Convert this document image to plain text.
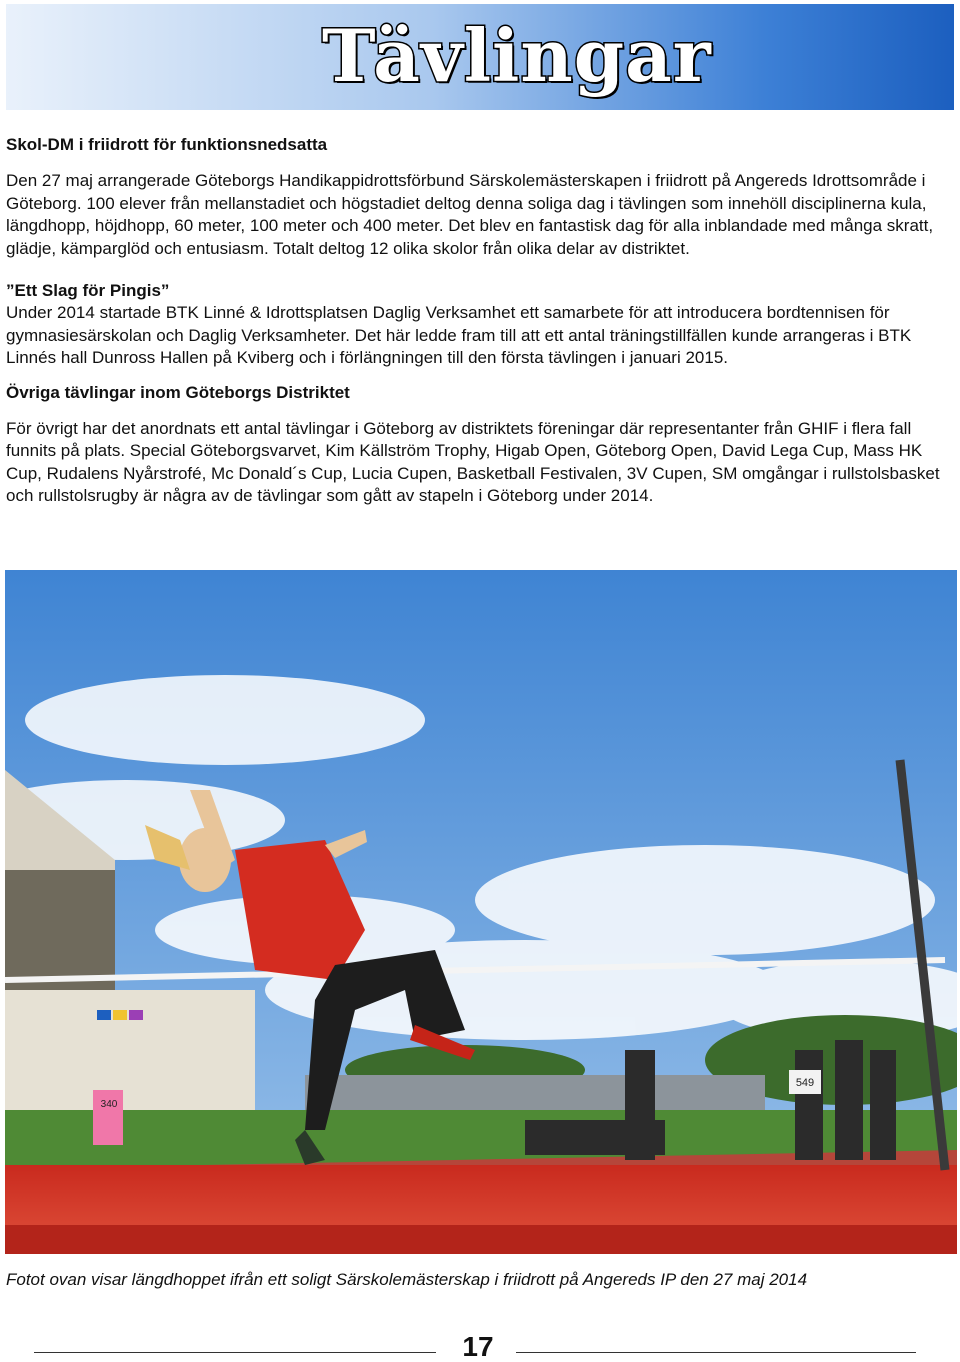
Tävlingar

Skol-DM i friidrott för funktionsnedsatta

Den 27 maj arrangerade Göteborgs Handikappidrottsförbund Särskolemästerskapen i friidrott på Angereds Idrottsområde i Göteborg. 100 elever från mellanstadiet och högstadiet deltog denna soliga dag i tävlingen som innehöll disciplinerna kula, längdhopp, höjdhopp, 60 meter, 100 meter och 400 meter. Det blev en fantastisk dag för alla inblandade med många skratt, glädje, kämparglöd och entusiasm. Totalt deltog 12 olika skolor från olika delar av distriktet.

”Ett Slag för Pingis”

Under 2014 startade BTK Linné & Idrottsplatsen Daglig Verksamhet ett samarbete för att introducera bordtennisen för gymnasiesärskolan och Daglig Verksamheter. Det här ledde fram till att ett antal träningstillfällen kunde arrangeras i BTK Linnés hall Dunross Hallen på Kviberg och i förlängningen till den första tävlingen i januari 2015.

Övriga tävlingar inom Göteborgs Distriktet

För övrigt har det anordnats ett antal tävlingar i Göteborg av distriktets föreningar där representanter från GHIF i flera fall funnits på plats. Special Göteborgsvarvet, Kim Källström Trophy, Higab Open, Göteborg Open, David Lega Cup, Mass HK Cup, Rudalens Nyårstrofé, Mc Donald´s Cup, Lucia Cupen, Basketball Festivalen, 3V Cupen, SM omgångar i rullstolsbasket och rullstolsrugby är några av de tävlingar som gått av stapeln i Göteborg under 2014.

340
549
Fotot ovan visar längdhoppet ifrån ett soligt Särskolemästerskap i friidrott på Angereds IP den 27 maj 2014
17
